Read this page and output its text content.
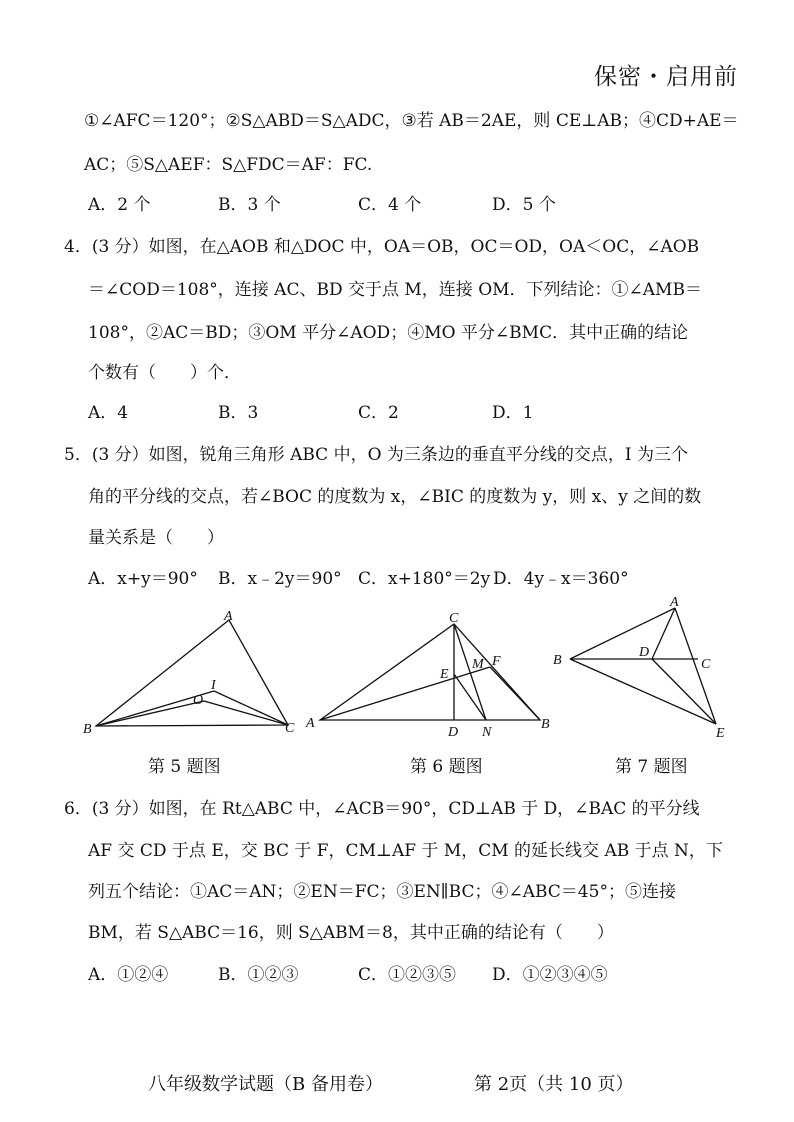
保密・启用前
①∠AFC＝120°；②S△ABD＝S△ADC，③若 AB＝2AE，则 CE⊥AB；④CD+AE＝
AC；⑤S△AEF：S△FDC＝AF：FC.
A．2 个	B．3 个	C．4 个	D．5 个
4．(3 分）如图，在△AOB 和△DOC 中，OA＝OB，OC＝OD，OA＜OC，∠AOB
＝∠COD＝108°，连接 AC、BD 交于点 M，连接 OM．下列结论：①∠AMB＝
108°，②AC＝BD；③OM 平分∠AOD；④MO 平分∠BMC．其中正确的结论
个数有（　　）个．
A．4	B．3	C．2	D．1
5．(3 分）如图，锐角三角形 ABC 中，O 为三条边的垂直平分线的交点，I 为三个
角的平分线的交点，若∠BOC 的度数为 x，∠BIC 的度数为 y，则 x、y 之间的数
量关系是（　　）
A．x+y＝90° B．x﹣2y＝90° C．x+180°＝2y D．4y﹣x＝360°
A
B	C
O
I
A	B
C
D
E
M F
N
B
A
D
C
E
第 5 题图	第 6 题图	第 7 题图
6．(3 分）如图，在 Rt△ABC 中，∠ACB＝90°，CD⊥AB 于 D，∠BAC 的平分线
AF 交 CD 于点 E，交 BC 于 F，CM⊥AF 于 M，CM 的延长线交 AB 于点 N，下
列五个结论：①AC＝AN；②EN＝FC；③EN∥BC；④∠ABC＝45°；⑤连接
BM，若 S△ABC＝16，则 S△ABM＝8，其中正确的结论有（　　）
A．①②④	B．①②③	C．①②③⑤ D．①②③④⑤
八年级数学试题（B 备用卷）	第 2页（共 10 页）
